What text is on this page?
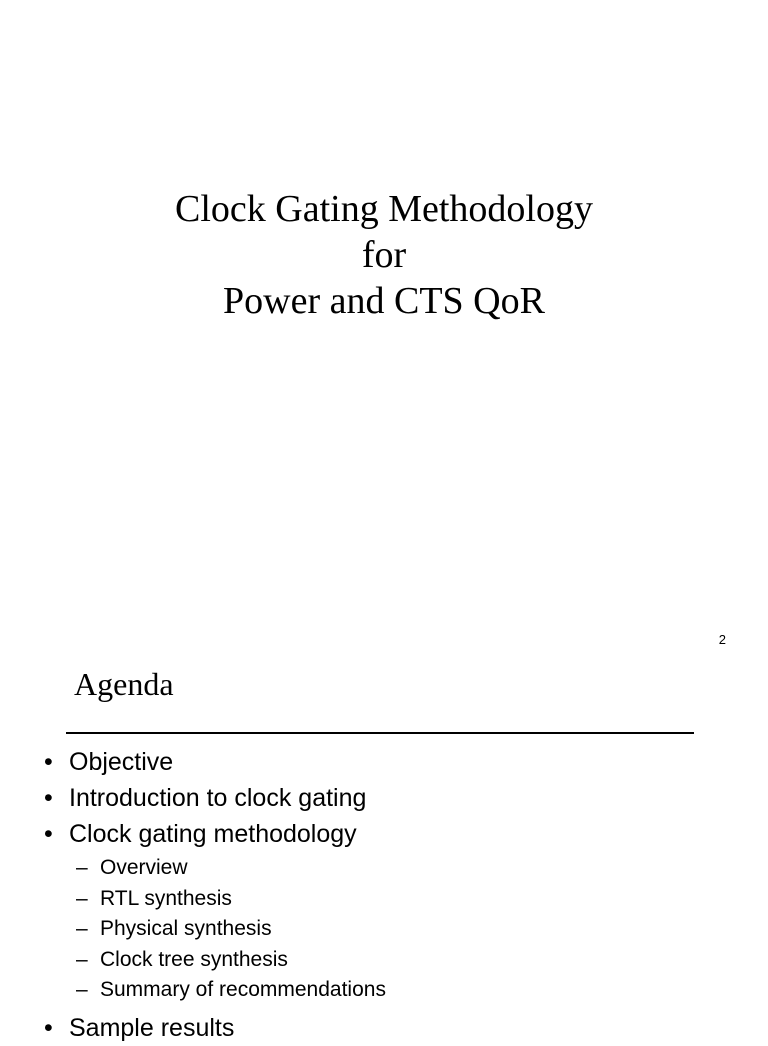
Clock Gating Methodology
for
Power and CTS QoR
2
Agenda
• Objective
• Introduction to clock gating
• Clock gating methodology
– Overview
– RTL synthesis
– Physical synthesis
– Clock tree synthesis
– Summary of recommendations
• Sample results
